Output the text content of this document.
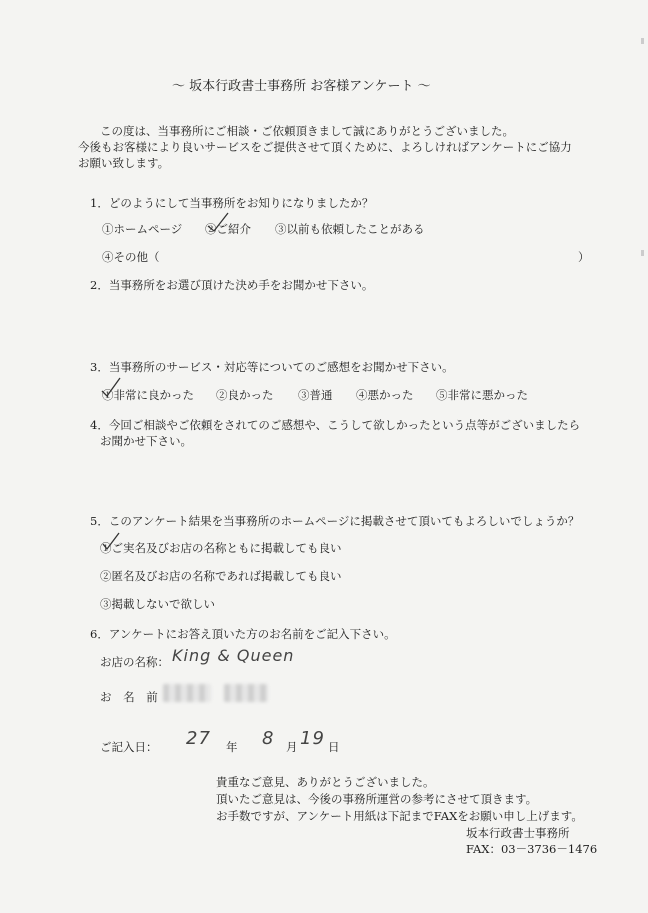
～ 坂本行政書士事務所 お客様アンケート ～
この度は、当事務所にご相談・ご依頼頂きまして誠にありがとうございました。
今後もお客様により良いサービスをご提供させて頂くために、よろしければアンケートにご協力
お願い致します。
1．どのようにして当事務所をお知りになりましたか？
①ホームページ ②ご紹介 ③以前も依頼したことがある
④その他（	）
2．当事務所をお選び頂けた決め手をお聞かせ下さい。
3．当事務所のサービス・対応等についてのご感想をお聞かせ下さい。
①非常に良かった ②良かった ③普通 ④悪かった ⑤非常に悪かった
4．今回ご相談やご依頼をされてのご感想や、こうして欲しかったという点等がございましたら
お聞かせ下さい。
5．このアンケート結果を当事務所のホームページに掲載させて頂いてもよろしいでしょうか？
①ご実名及びお店の名称ともに掲載しても良い
②匿名及びお店の名称であれば掲載しても良い
③掲載しないで欲しい
6．アンケートにお答え頂いた方のお名前をご記入下さい。
お店の名称： King & Queen
お 名 前
ご記入日： 27 年 8 月 19 日
貴重なご意見、ありがとうございました。
頂いたご意見は、今後の事務所運営の参考にさせて頂きます。
お手数ですが、アンケート用紙は下記までFAXをお願い申し上げます。
坂本行政書士事務所
FAX：03－3736－1476
